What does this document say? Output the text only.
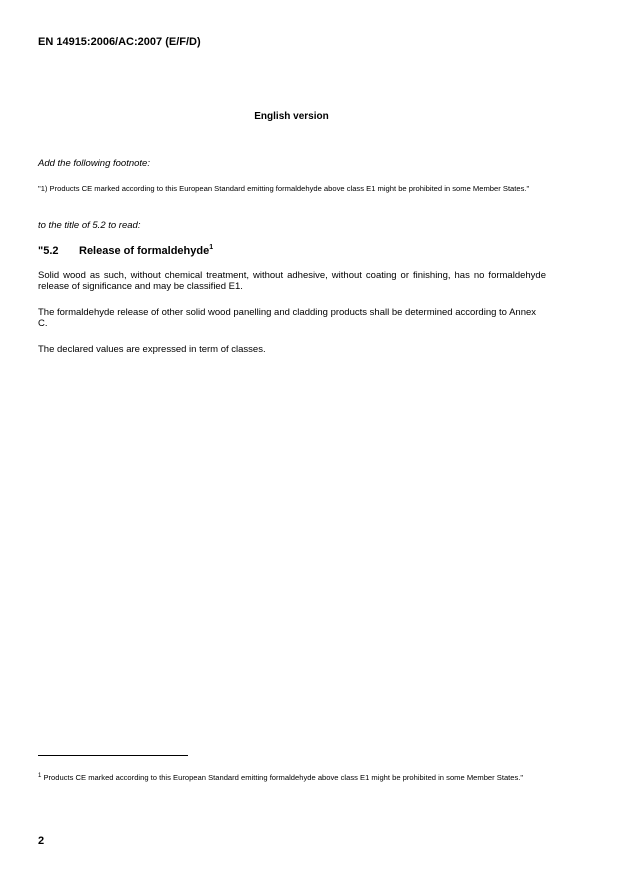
EN 14915:2006/AC:2007 (E/F/D)
English version
Add the following footnote:
"1) Products CE marked according to this European Standard emitting formaldehyde above class E1 might be prohibited in some Member States."
to the title of 5.2 to read:
"5.2 Release of formaldehyde$^1$
Solid wood as such, without chemical treatment, without adhesive, without coating or finishing, has no formaldehyde release of significance and may be classified E1.
The formaldehyde release of other solid wood panelling and cladding products shall be determined according to Annex C.
The declared values are expressed in term of classes.
$^1$ Products CE marked according to this European Standard emitting formaldehyde above class E1 might be prohibited in some Member States."
2
